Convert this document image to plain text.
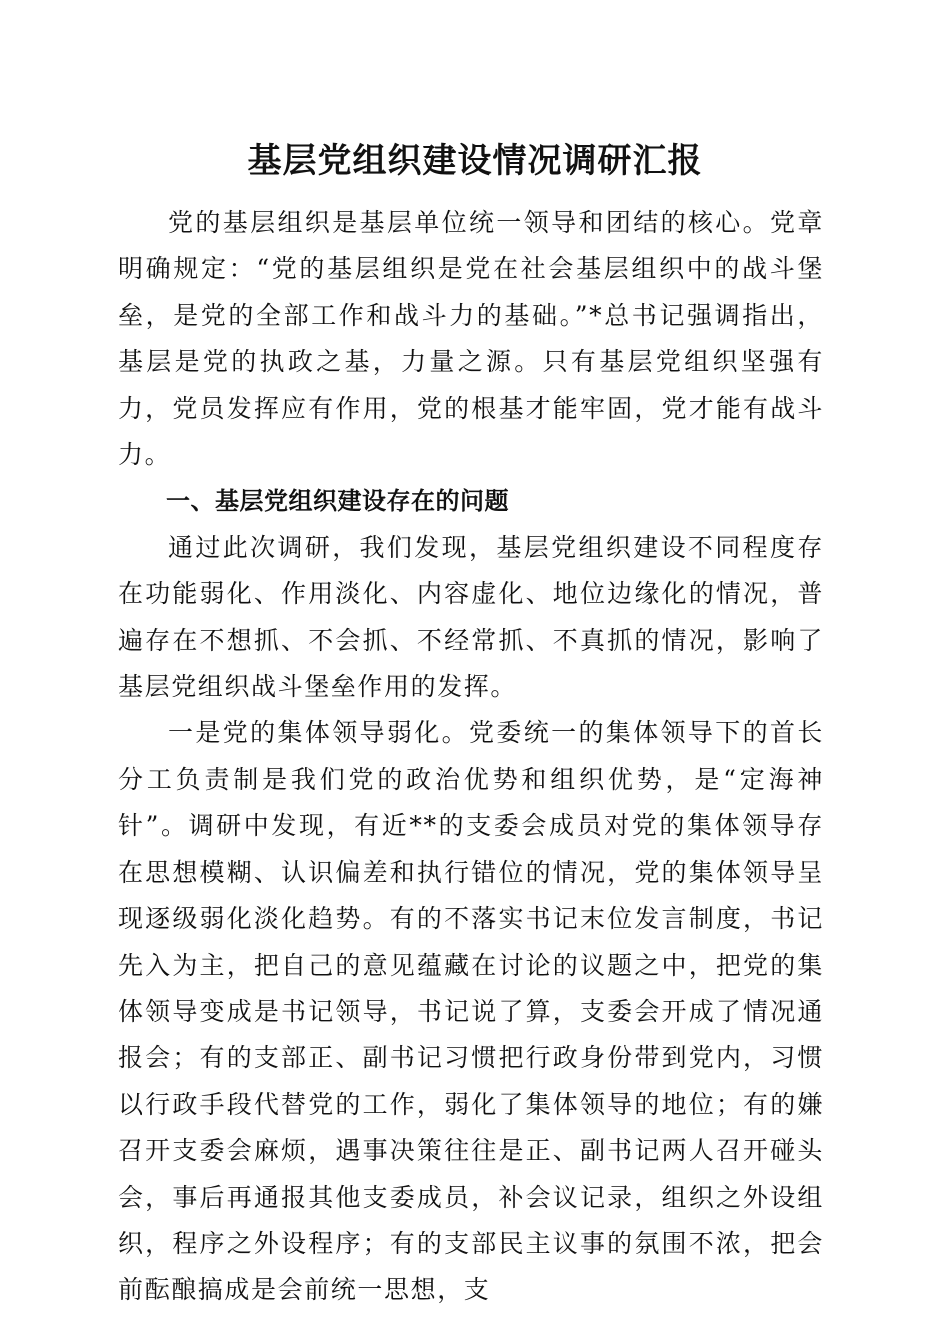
基层党组织建设情况调研汇报

党的基层组织是基层单位统一领导和团结的核心。党章明确规定：“党的基层组织是党在社会基层组织中的战斗堡垒，是党的全部工作和战斗力的基础。”*总书记强调指出，基层是党的执政之基，力量之源。只有基层党组织坚强有力，党员发挥应有作用，党的根基才能牢固，党才能有战斗力。

一、基层党组织建设存在的问题

通过此次调研，我们发现，基层党组织建设不同程度存在功能弱化、作用淡化、内容虚化、地位边缘化的情况，普遍存在不想抓、不会抓、不经常抓、不真抓的情况，影响了基层党组织战斗堡垒作用的发挥。

一是党的集体领导弱化。党委统一的集体领导下的首长分工负责制是我们党的政治优势和组织优势，是“定海神针”。调研中发现，有近**的支委会成员对党的集体领导存在思想模糊、认识偏差和执行错位的情况，党的集体领导呈现逐级弱化淡化趋势。有的不落实书记末位发言制度，书记先入为主，把自己的意见蕴藏在讨论的议题之中，把党的集体领导变成是书记领导，书记说了算，支委会开成了情况通报会；有的支部正、副书记习惯把行政身份带到党内，习惯以行政手段代替党的工作，弱化了集体领导的地位；有的嫌召开支委会麻烦，遇事决策往往是正、副书记两人召开碰头会，事后再通报其他支委成员，补会议记录，组织之外设组织，程序之外设程序；有的支部民主议事的氛围不浓，把会前酝酿搞成是会前统一思想，支
